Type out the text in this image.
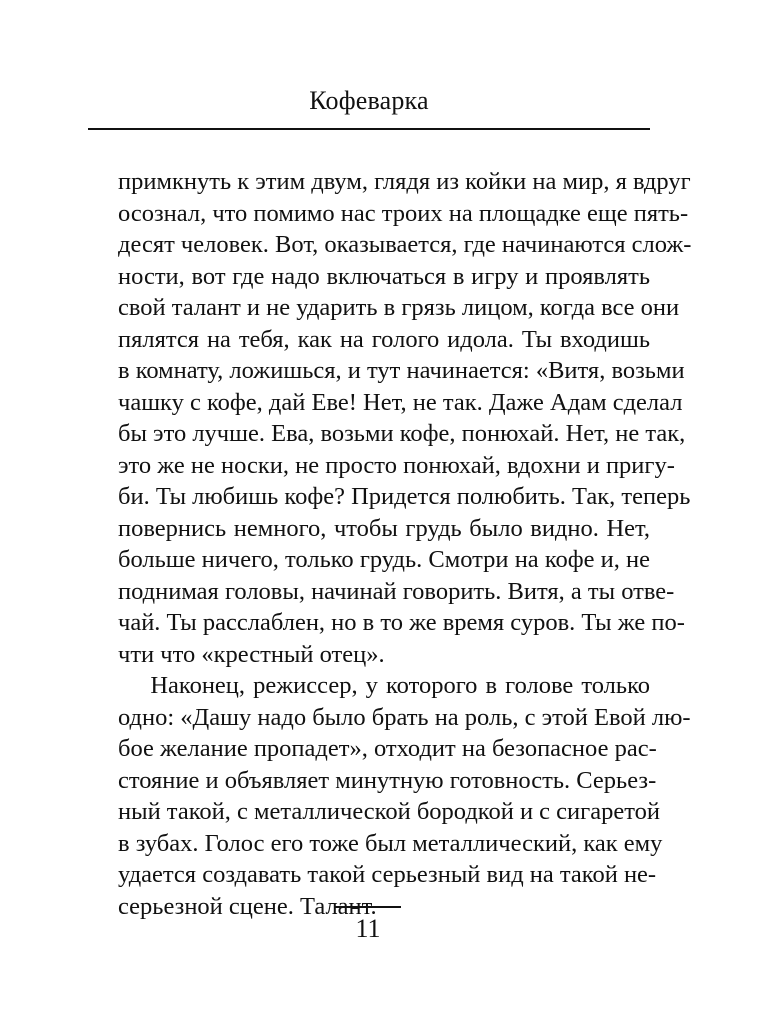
Кофеварка
примкнуть к этим двум, глядя из койки на мир, я вдруг
осознал, что помимо нас троих на площадке еще пять-
десят человек. Вот, оказывается, где начинаются слож-
ности, вот где надо включаться в игру и проявлять
свой талант и не ударить в грязь лицом, когда все они
пялятся на тебя, как на голого идола. Ты входишь
в комнату, ложишься, и тут начинается: «Витя, возьми
чашку с кофе, дай Еве! Нет, не так. Даже Адам сделал
бы это лучше. Ева, возьми кофе, понюхай. Нет, не так,
это же не носки, не просто понюхай, вдохни и пригу-
би. Ты любишь кофе? Придется полюбить. Так, теперь
повернись немного, чтобы грудь было видно. Нет,
больше ничего, только грудь. Смотри на кофе и, не
поднимая головы, начинай говорить. Витя, а ты отве-
чай. Ты расслаблен, но в то же время суров. Ты же по-
чти что «крестный отец».
Наконец, режиссер, у которого в голове только
одно: «Дашу надо было брать на роль, с этой Евой лю-
бое желание пропадет», отходит на безопасное рас-
стояние и объявляет минутную готовность. Серьез-
ный такой, с металлической бородкой и с сигаретой
в зубах. Голос его тоже был металлический, как ему
удается создавать такой серьезный вид на такой не-
серьезной сцене. Талант.
11
